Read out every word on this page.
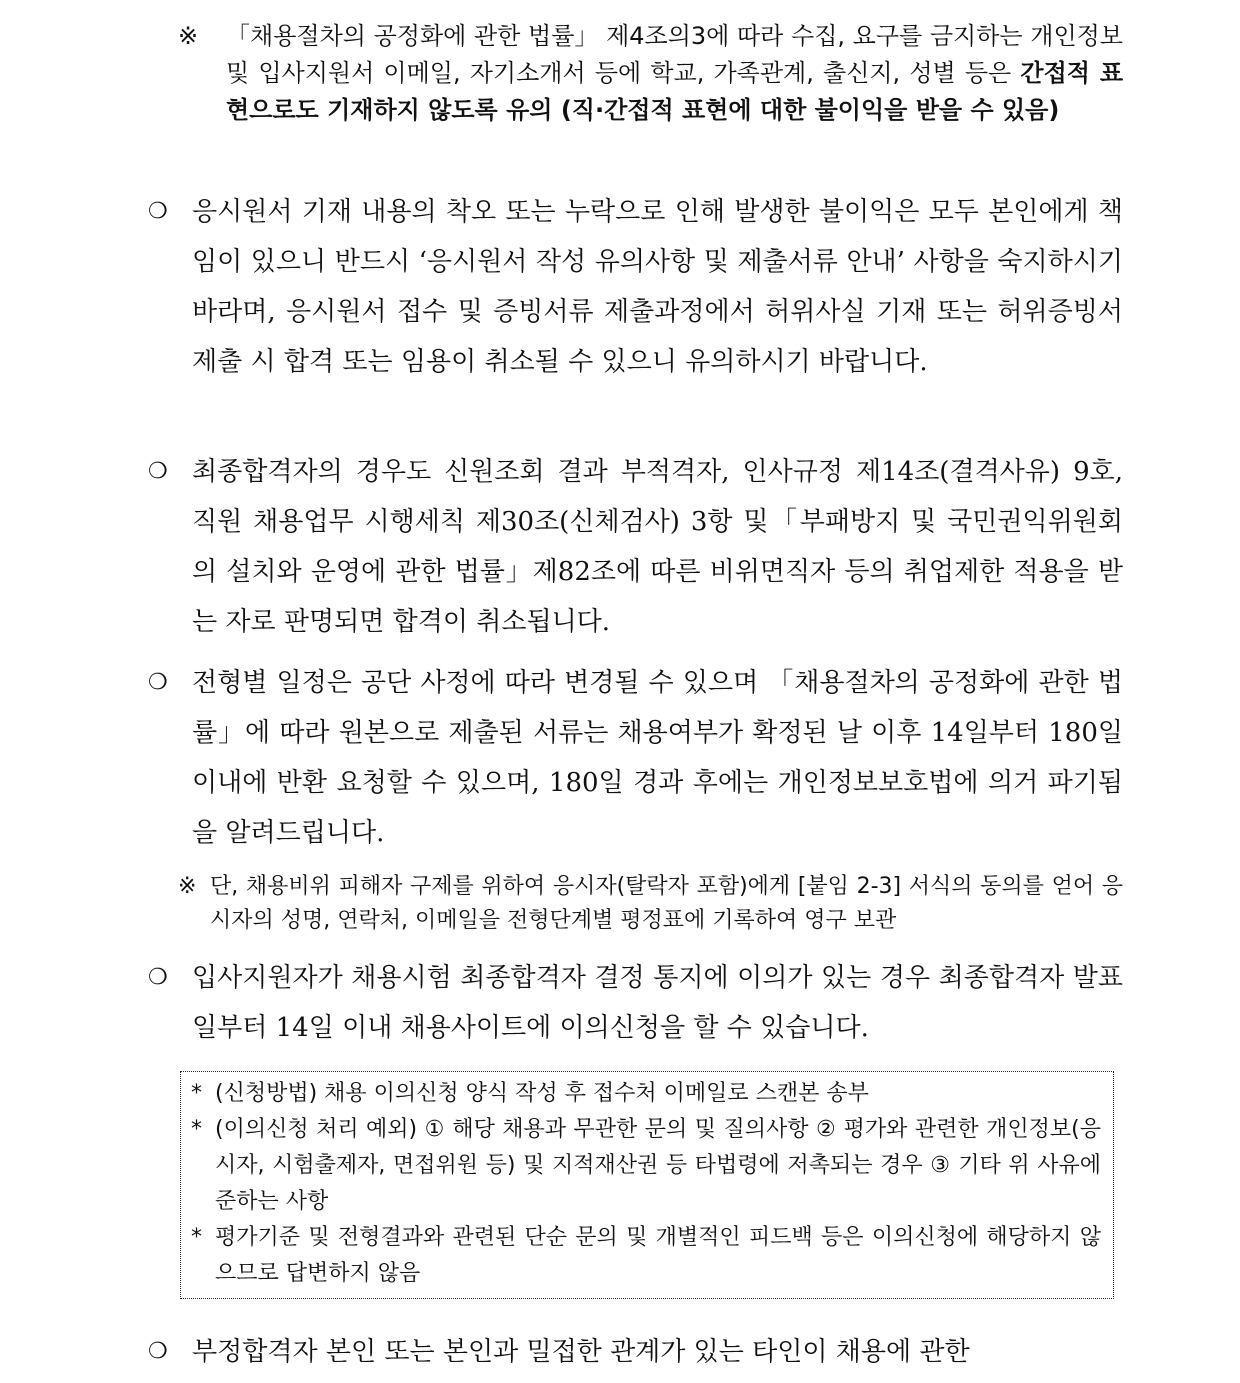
※ 「채용절차의 공정화에 관한 법률」 제4조의3에 따라 수집, 요구를 금지하는 개인정보 및 입사지원서 이메일, 자기소개서 등에 학교, 가족관계, 출신지, 성별 등은 간접적 표현으로도 기재하지 않도록 유의 (직·간접적 표현에 대한 불이익을 받을 수 있음)
❍ 응시원서 기재 내용의 착오 또는 누락으로 인해 발생한 불이익은 모두 본인에게 책임이 있으니 반드시 ‘응시원서 작성 유의사항 및 제출서류 안내’ 사항을 숙지하시기 바라며, 응시원서 접수 및 증빙서류 제출과정에서 허위사실 기재 또는 허위증빙서 제출 시 합격 또는 임용이 취소될 수 있으니 유의하시기 바랍니다.
❍ 최종합격자의 경우도 신원조회 결과 부적격자, 인사규정 제14조(결격사유) 9호, 직원 채용업무 시행세칙 제30조(신체검사) 3항 및「부패방지 및 국민권익위원회의 설치와 운영에 관한 법률」제82조에 따른 비위면직자 등의 취업제한 적용을 받는 자로 판명되면 합격이 취소됩니다.
❍ 전형별 일정은 공단 사정에 따라 변경될 수 있으며 「채용절차의 공정화에 관한 법률」에 따라 원본으로 제출된 서류는 채용여부가 확정된 날 이후 14일부터 180일 이내에 반환 요청할 수 있으며, 180일 경과 후에는 개인정보보호법에 의거 파기됨을 알려드립니다.
※ 단, 채용비위 피해자 구제를 위하여 응시자(탈락자 포함)에게 [붙임 2-3] 서식의 동의를 얻어 응시자의 성명, 연락처, 이메일을 전형단계별 평정표에 기록하여 영구 보관
❍ 입사지원자가 채용시험 최종합격자 결정 통지에 이의가 있는 경우 최종합격자 발표일부터 14일 이내 채용사이트에 이의신청을 할 수 있습니다.
* (신청방법) 채용 이의신청 양식 작성 후 접수처 이메일로 스캔본 송부
* (이의신청 처리 예외) ① 해당 채용과 무관한 문의 및 질의사항 ② 평가와 관련한 개인정보(응시자, 시험출제자, 면접위원 등) 및 지적재산권 등 타법령에 저촉되는 경우 ③ 기타 위 사유에 준하는 사항
* 평가기준 및 전형결과와 관련된 단순 문의 및 개별적인 피드백 등은 이의신청에 해당하지 않으므로 답변하지 않음
❍ 부정합격자 본인 또는 본인과 밀접한 관계가 있는 타인이 채용에 관한
